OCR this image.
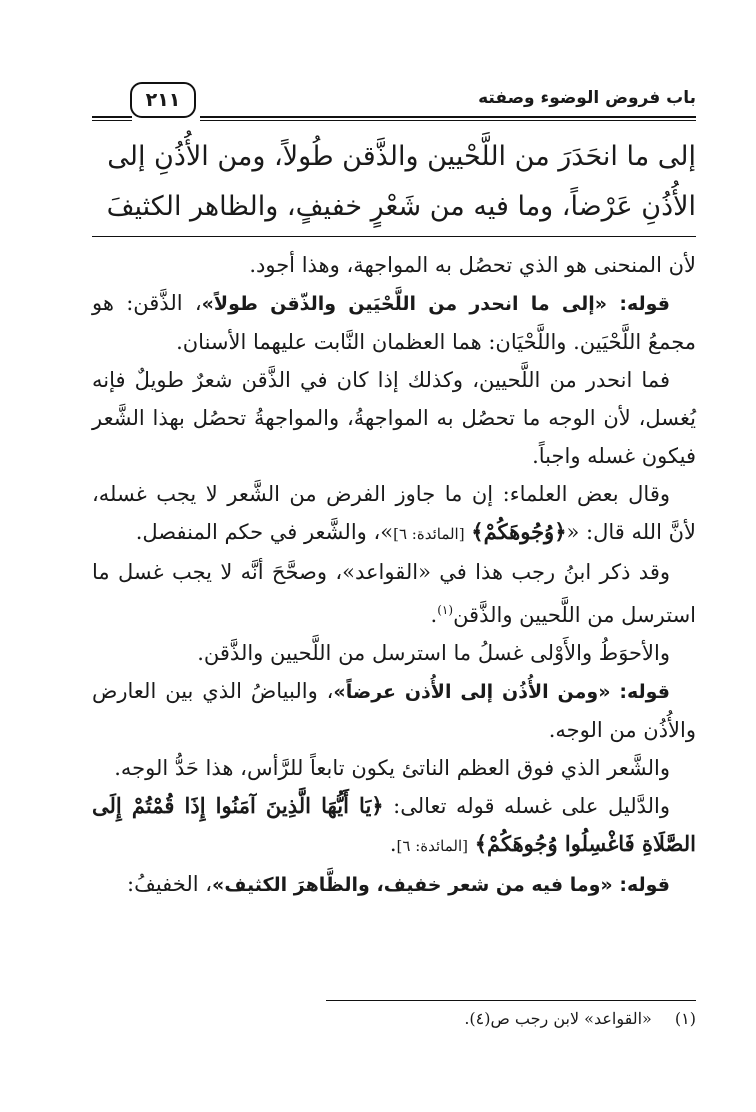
باب فروض الوضوء وصفته
٢١١

إلى ما انحَدَرَ من اللَّحْيين والذَّقن طُولاً، ومن الأُذُنِ إلى

الأُذُنِ عَرْضاً، وما فيه من شَعْرٍ خفيفٍ، والظاهر الكثيفَ

لأن المنحنى هو الذي تحصُل به المواجهة، وهذا أجود.

قوله: «إلى ما انحدر من اللَّحْيَين والذّقن طولاً»، الذَّقن: هو مجمعُ اللَّحْيَين. واللَّحْيَان: هما العظمان النَّابت عليهما الأسنان.

فما انحدر من اللَّحيين، وكذلك إذا كان في الذَّقن شعرٌ طويلٌ فإنه يُغسل، لأن الوجه ما تحصُل به المواجهةُ، والمواجهةُ تحصُل بهذا الشَّعر فيكون غسله واجباً.

وقال بعض العلماء: إن ما جاوز الفرض من الشَّعر لا يجب غسله، لأنَّ الله قال: «﴿وُجُوهَكُمْ﴾ [المائدة: ٦]»، والشَّعر في حكم المنفصل.

وقد ذكر ابنُ رجب هذا في «القواعد»، وصحَّحَ أنَّه لا يجب غسل ما استرسل من اللَّحيين والذَّقن$^{(١)}$.

والأحوَطُ والأَوْلى غسلُ ما استرسل من اللَّحيين والذَّقن.

قوله: «ومن الأُذُن إلى الأُذن عرضاً»، والبياضُ الذي بين العارض والأُذُن من الوجه.

والشَّعر الذي فوق العظم الناتئ يكون تابعاً للرَّأس، هذا حَدُّ الوجه.

والدَّليل على غسله قوله تعالى: ﴿يَا أَيُّهَا الَّذِينَ آمَنُوا إِذَا قُمْتُمْ إِلَى الصَّلَاةِ فَاغْسِلُوا وُجُوهَكُمْ﴾ [المائدة: ٦].

قوله: «وما فيه من شعر خفيف، والظَّاهرَ الكثيف»، الخفيفُ:

(١) «القواعد» لابن رجب ص(٤).
